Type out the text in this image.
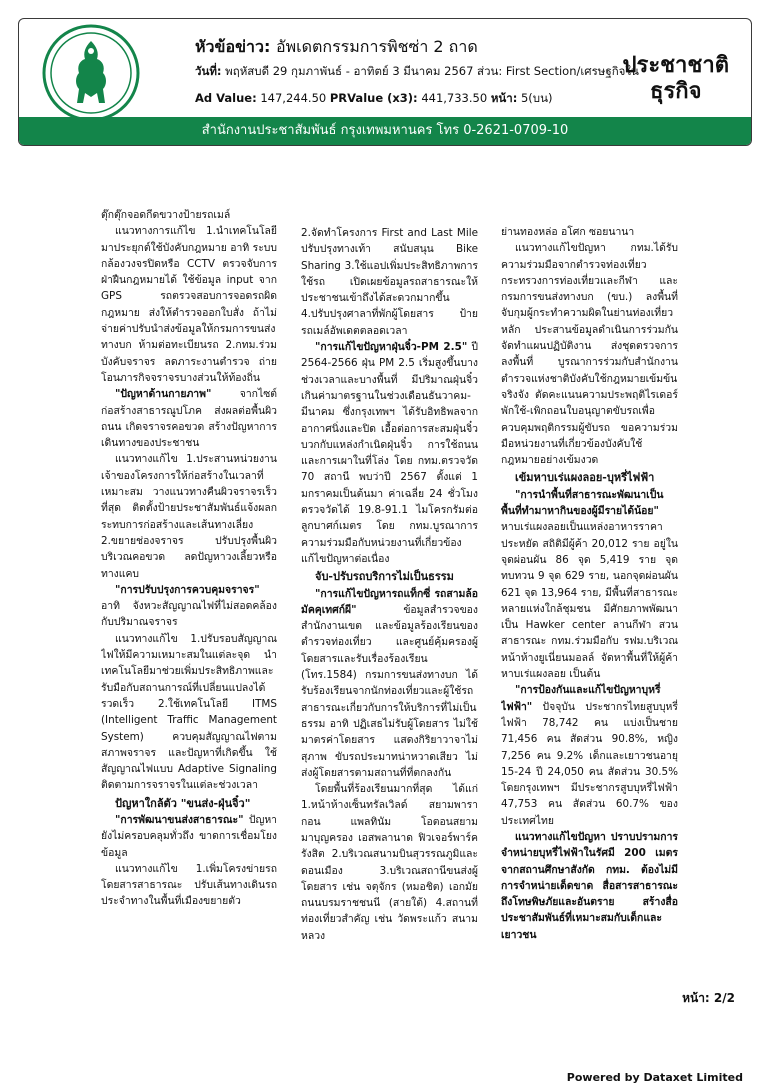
หัวข้อข่าว: อัพเดตกรรมการพิชซ่า 2 ถาด
วันที่: พฤหัสบดี 29 กุมภาพันธ์ - อาทิตย์ 3 มีนาคม 2567 ส่วน: First Section/เศรษฐกิจใน
Ad Value: 147,244.50 PRValue (x3): 441,733.50 หน้า: 5(บน)
ประชาชาติ
ธุรกิจ
สำนักงานประชาสัมพันธ์ กรุงเทพมหานคร โทร 0-2621-0709-10

ตุ๊กตุ๊กจอดกีดขวางป้ายรถเมล์

แนวทางการแก้ไข 1.นำเทคโนโลยีมาประยุกต์ใช้บังคับกฎหมาย อาทิ ระบบกล้องวงจรปิดหรือ CCTV ตรวจจับการฝ่าฝืนกฎหมายได้ ใช้ข้อมูล input จาก GPS รถตรวจสอบการจอดรถผิดกฎหมาย ส่งให้ตำรวจออกใบสั่ง ถ้าไม่จ่ายค่าปรับนำส่งข้อมูลให้กรมการขนส่งทางบก ห้ามต่อทะเบียนรถ 2.กทม.ร่วมบังคับจราจร ลดภาระงานตำรวจ ถ่ายโอนภารกิจจราจรบางส่วนให้ท้องถิ่น

"ปัญหาด้านกายภาพ" จากไซต์ก่อสร้างสาธารณูปโภค ส่งผลต่อพื้นผิวถนน เกิดจราจรคอขวด สร้างปัญหาการเดินทางของประชาชน

แนวทางแก้ไข 1.ประสานหน่วยงานเจ้าของโครงการให้ก่อสร้างในเวลาที่เหมาะสม วางแนวทางคืนผิวจราจรเร็วที่สุด ติดตั้งป้ายประชาสัมพันธ์แจ้งผลกระทบการก่อสร้างและเส้นทางเลี่ยง 2.ขยายช่องจราจร ปรับปรุงพื้นผิวบริเวณคอขวด ลดปัญหาวงเลี้ยวหรือทางแคบ

"การปรับปรุงการควบคุมจราจร" อาทิ จังหวะสัญญาณไฟที่ไม่สอดคล้องกับปริมาณจราจร

แนวทางแก้ไข 1.ปรับรอบสัญญาณไฟให้มีความเหมาะสมในแต่ละจุด นำเทคโนโลยีมาช่วยเพิ่มประสิทธิภาพและรับมือกับสถานการณ์ที่เปลี่ยนแปลงได้รวดเร็ว 2.ใช้เทคโนโลยี ITMS (Intelligent Traffic Management System) ควบคุมสัญญาณไฟตามสภาพจราจร และปัญหาที่เกิดขึ้น ใช้สัญญาณไฟแบบ Adaptive Signaling ติดตามการจราจรในแต่ละช่วงเวลา

ปัญหาใกล้ตัว "ขนส่ง-ฝุ่นจิ๋ว"

"การพัฒนาขนส่งสาธารณะ" ปัญหายังไม่ครอบคลุมทั่วถึง ขาดการเชื่อมโยงข้อมูล

แนวทางแก้ไข 1.เพิ่มโครงข่ายรถโดยสารสาธารณะ ปรับเส้นทางเดินรถประจำทางในพื้นที่เมืองขยายตัว

2.จัดทำโครงการ First and Last Mile ปรับปรุงทางเท้า สนับสนุน Bike Sharing 3.ใช้แอปเพิ่มประสิทธิภาพการใช้รถ เปิดเผยข้อมูลรถสาธารณะให้ประชาชนเข้าถึงได้สะดวกมากขึ้น 4.ปรับปรุงศาลาที่พักผู้โดยสาร ป้ายรถเมล์อัพเดตตลอดเวลา

"การแก้ไขปัญหาฝุ่นจิ๋ว-PM 2.5" ปี 2564-2566 ฝุ่น PM 2.5 เริ่มสูงขึ้นบางช่วงเวลาและบางพื้นที่ มีปริมาณฝุ่นจิ๋วเกินค่ามาตรฐานในช่วงเดือนธันวาคม-มีนาคม ซึ่งกรุงเทพฯ ได้รับอิทธิพลจากอากาศนิ่งและปิด เอื้อต่อการสะสมฝุ่นจิ๋ว บวกกับแหล่งกำเนิดฝุ่นจิ๋ว การใช้ถนน และการเผาในที่โล่ง โดย กทม.ตรวจวัด 70 สถานี พบว่าปี 2567 ตั้งแต่ 1 มกราคมเป็นต้นมา ค่าเฉลี่ย 24 ชั่วโมงตรวจวัดได้ 19.8-91.1 ไมโครกรัมต่อลูกบาศก์เมตร โดย กทม.บูรณาการความร่วมมือกับหน่วยงานที่เกี่ยวข้องแก้ไขปัญหาต่อเนื่อง

จับ-ปรับรถบริการไม่เป็นธรรม

"การแก้ไขปัญหารถแท็กซี่ รถสามล้อ มัคคุเทศก์ผี" ข้อมูลสำรวจของสำนักงานเขต และข้อมูลร้องเรียนของตำรวจท่องเที่ยว และศูนย์คุ้มครองผู้โดยสารและรับเรื่องร้องเรียน (โทร.1584) กรมการขนส่งทางบก ได้รับร้องเรียนจากนักท่องเที่ยวและผู้ใช้รถสาธารณะเกี่ยวกับการให้บริการที่ไม่เป็นธรรม อาทิ ปฏิเสธไม่รับผู้โดยสาร ไม่ใช้มาตรค่าโดยสาร แสดงกิริยาวาจาไม่สุภาพ ขับรถประมาทน่าหวาดเสียว ไม่ส่งผู้โดยสารตามสถานที่ที่ตกลงกัน

โดยพื้นที่ร้องเรียนมากที่สุด ได้แก่ 1.หน้าห้างเซ็นทรัลเวิลด์ สยามพารากอน แพลทินัม โอตอนสยาม มาบุญครอง เอสพลานาด ฟิวเจอร์พาร์ค รังสิต 2.บริเวณสนามบินสุวรรณภูมิและดอนเมือง 3.บริเวณสถานีขนส่งผู้โดยสาร เช่น จตุจักร (หมอชิต) เอกมัย ถนนบรมราชชนนี (สายใต้) 4.สถานที่ท่องเที่ยวสำคัญ เช่น วัดพระแก้ว สนามหลวง

ย่านทองหล่อ อโศก ซอยนานา

แนวทางแก้ไขปัญหา กทม.ได้รับความร่วมมือจากตำรวจท่องเที่ยว กระทรวงการท่องเที่ยวและกีฬา และกรมการขนส่งทางบก (ขบ.) ลงพื้นที่จับกุมผู้กระทำความผิดในย่านท่องเที่ยวหลัก ประสานข้อมูลดำเนินการร่วมกัน จัดทำแผนปฏิบัติงาน ส่งชุดตรวจการลงพื้นที่ บูรณาการร่วมกับสำนักงานตำรวจแห่งชาติบังคับใช้กฎหมายเข้มข้นจริงจัง ตัดคะแนนความประพฤติไรเดอร์ พักใช้-เพิกถอนใบอนุญาตขับรถเพื่อควบคุมพฤติกรรมผู้ขับรถ ขอความร่วมมือหน่วยงานที่เกี่ยวข้องบังคับใช้กฎหมายอย่างเข้มงวด

เข้มหาบเร่แผงลอย-บุหรี่ไฟฟ้า

"การนำพื้นที่สาธารณะพัฒนาเป็นพื้นที่ทำมาหากินของผู้มีรายได้น้อย" หาบเร่แผงลอยเป็นแหล่งอาหารราคาประหยัด สถิติมีผู้ค้า 20,012 ราย อยู่ในจุดผ่อนผัน 86 จุด 5,419 ราย จุดทบทวน 9 จุด 629 ราย, นอกจุดผ่อนผัน 621 จุด 13,964 ราย, มีพื้นที่สาธารณะหลายแห่งใกล้ชุมชน มีศักยภาพพัฒนาเป็น Hawker center ลานกีฬา สวนสาธารณะ กทม.ร่วมมือกับ รฟม.บริเวณหน้าห้างยูเนี่ยนมอลล์ จัดหาพื้นที่ให้ผู้ค้าหาบเร่แผงลอย เป็นต้น

"การป้องกันและแก้ไขปัญหาบุหรี่ไฟฟ้า" ปัจจุบัน ประชากรไทยสูบบุหรี่ไฟฟ้า 78,742 คน แบ่งเป็นชาย 71,456 คน สัดส่วน 90.8%, หญิง 7,256 คน 9.2% เด็กและเยาวชนอายุ 15-24 ปี 24,050 คน สัดส่วน 30.5% โดยกรุงเทพฯ มีประชากรสูบบุหรี่ไฟฟ้า 47,753 คน สัดส่วน 60.7% ของประเทศไทย

แนวทางแก้ไขปัญหา ปราบปรามการจำหน่ายบุหรี่ไฟฟ้าในรัศมี 200 เมตร จากสถานศึกษาสังกัด กทม. ต้องไม่มีการจำหน่ายเด็ดขาด สื่อสารสาธารณะถึงโทษพิษภัยและอันตราย สร้างสื่อประชาสัมพันธ์ที่เหมาะสมกับเด็กและเยาวชน

หน้า: 2/2
Powered by Dataxet Limited
